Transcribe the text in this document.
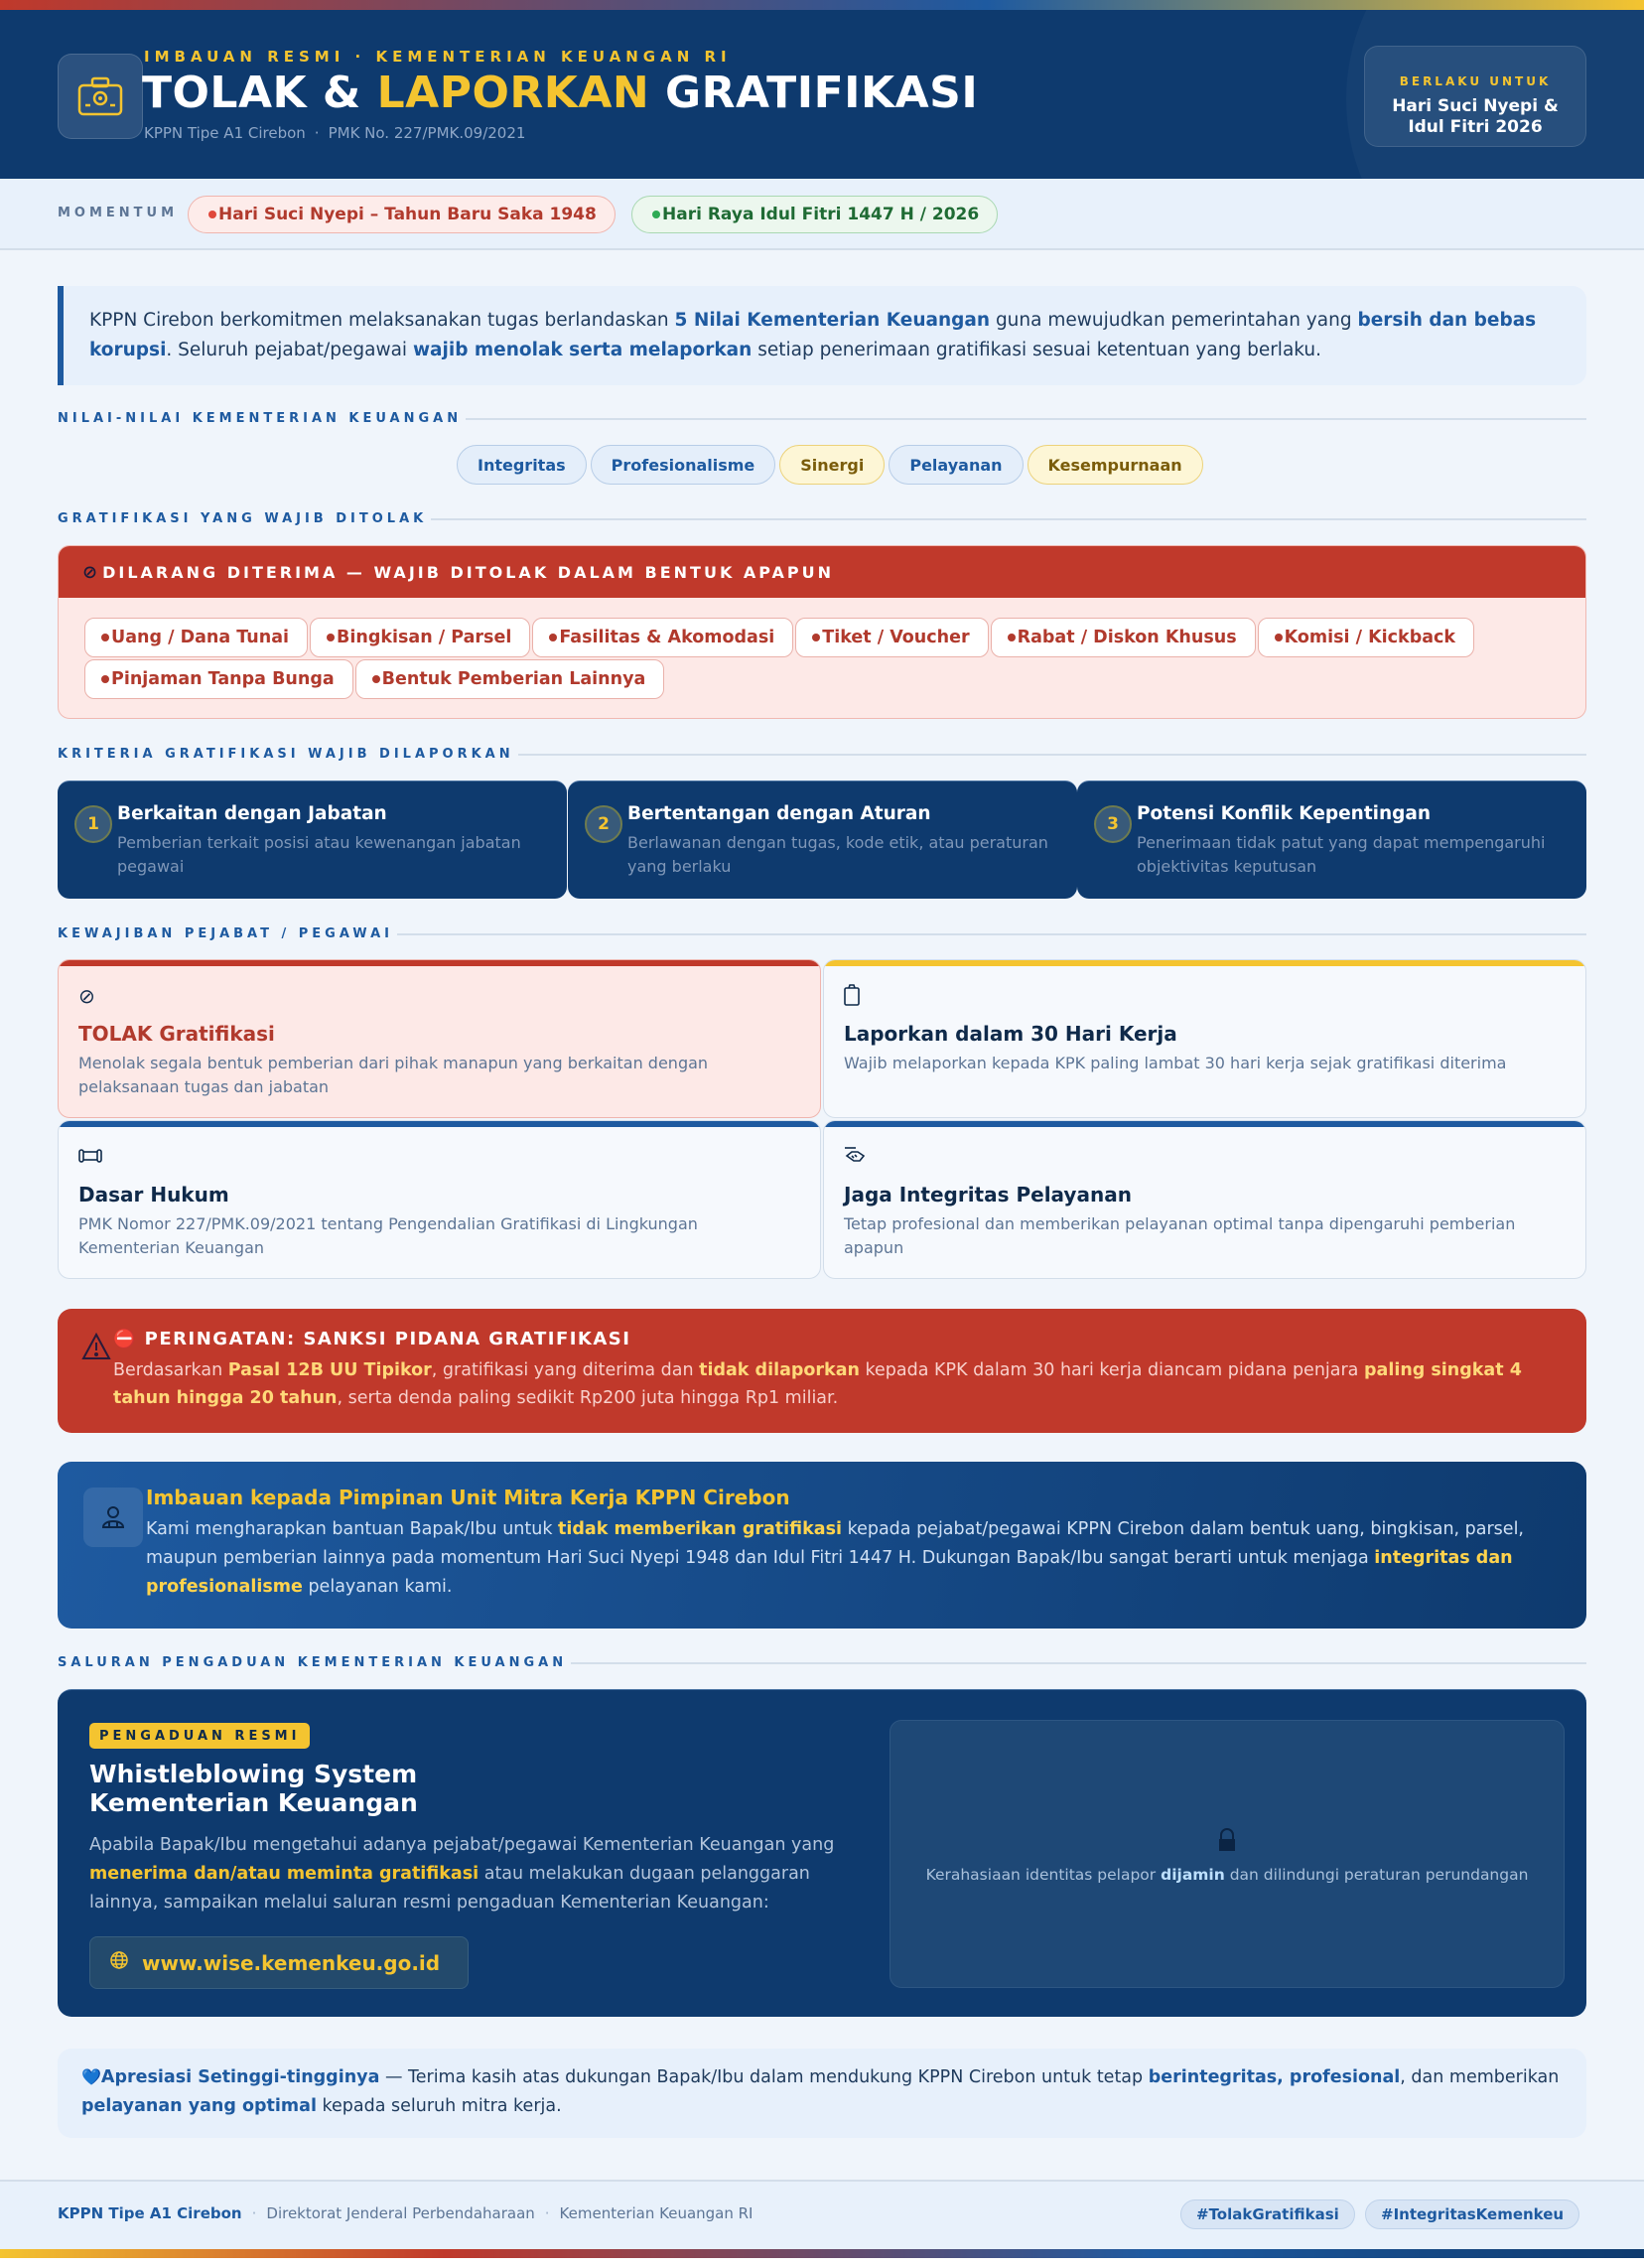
IMBAUAN RESMI · KEMENTERIAN KEUANGAN RI
TOLAK & LAPORKAN GRATIFIKASI
KPPN Tipe A1 Cirebon · PMK No. 227/PMK.09/2021
BERLAKU UNTUK
Hari Suci Nyepi &
Idul Fitri 2026
MOMENTUM Hari Suci Nyepi – Tahun Baru Saka 1948	Hari Raya Idul Fitri 1447 H / 2026
KPPN Cirebon berkomitmen melaksanakan tugas berlandaskan 5 Nilai Kementerian Keuangan guna mewujudkan pemerintahan yang bersih dan bebas korupsi. Seluruh pejabat/pegawai wajib menolak serta melaporkan setiap penerimaan gratifikasi sesuai ketentuan yang berlaku.
NILAI-NILAI KEMENTERIAN KEUANGAN
Integritas	Profesionalisme	Sinergi	Pelayanan	Kesempurnaan
GRATIFIKASI YANG WAJIB DITOLAK
⊘ DILARANG DITERIMA — WAJIB DITOLAK DALAM BENTUK APAPUN
Uang / Dana Tunai	Bingkisan / Parsel	Fasilitas & Akomodasi	Tiket / Voucher	Rabat / Diskon Khusus	Komisi / Kickback
Pinjaman Tanpa Bunga	Bentuk Pemberian Lainnya
KRITERIA GRATIFIKASI WAJIB DILAPORKAN
1 Berkaitan dengan Jabatan
Pemberian terkait posisi atau kewenangan jabatan pegawai
2 Bertentangan dengan Aturan
Berlawanan dengan tugas, kode etik, atau peraturan yang berlaku
3 Potensi Konflik Kepentingan
Penerimaan tidak patut yang dapat mempengaruhi objektivitas keputusan
KEWAJIBAN PEJABAT / PEGAWAI
⊘
TOLAK Gratifikasi
Menolak segala bentuk pemberian dari pihak manapun yang berkaitan dengan pelaksanaan tugas dan jabatan
Laporkan dalam 30 Hari Kerja
Wajib melaporkan kepada KPK paling lambat 30 hari kerja sejak gratifikasi diterima
Dasar Hukum
PMK Nomor 227/PMK.09/2021 tentang Pengendalian Gratifikasi di Lingkungan Kementerian Keuangan
Jaga Integritas Pelayanan
Tetap profesional dan memberikan pelayanan optimal tanpa dipengaruhi pemberian apapun
⛔ PERINGATAN: SANKSI PIDANA GRATIFIKASI
Berdasarkan Pasal 12B UU Tipikor, gratifikasi yang diterima dan tidak dilaporkan kepada KPK dalam 30 hari kerja diancam pidana penjara paling singkat 4 tahun hingga 20 tahun, serta denda paling sedikit Rp200 juta hingga Rp1 miliar.
Imbauan kepada Pimpinan Unit Mitra Kerja KPPN Cirebon
Kami mengharapkan bantuan Bapak/Ibu untuk tidak memberikan gratifikasi kepada pejabat/pegawai KPPN Cirebon dalam bentuk uang, bingkisan, parsel, maupun pemberian lainnya pada momentum Hari Suci Nyepi 1948 dan Idul Fitri 1447 H. Dukungan Bapak/Ibu sangat berarti untuk menjaga integritas dan profesionalisme pelayanan kami.
SALURAN PENGADUAN KEMENTERIAN KEUANGAN
PENGADUAN RESMI
Whistleblowing System Kementerian Keuangan
Apabila Bapak/Ibu mengetahui adanya pejabat/pegawai Kementerian Keuangan yang menerima dan/atau meminta gratifikasi atau melakukan dugaan pelanggaran lainnya, sampaikan melalui saluran resmi pengaduan Kementerian Keuangan:
www.wise.kemenkeu.go.id
Kerahasiaan identitas pelapor dijamin dan dilindungi peraturan perundangan
💙Apresiasi Setinggi-tingginya — Terima kasih atas dukungan Bapak/Ibu dalam mendukung KPPN Cirebon untuk tetap berintegritas, profesional, dan memberikan pelayanan yang optimal kepada seluruh mitra kerja.
KPPN Tipe A1 Cirebon · Direktorat Jenderal Perbendaharaan · Kementerian Keuangan RI	#TolakGratifikasi	#IntegritasKemenkeu
